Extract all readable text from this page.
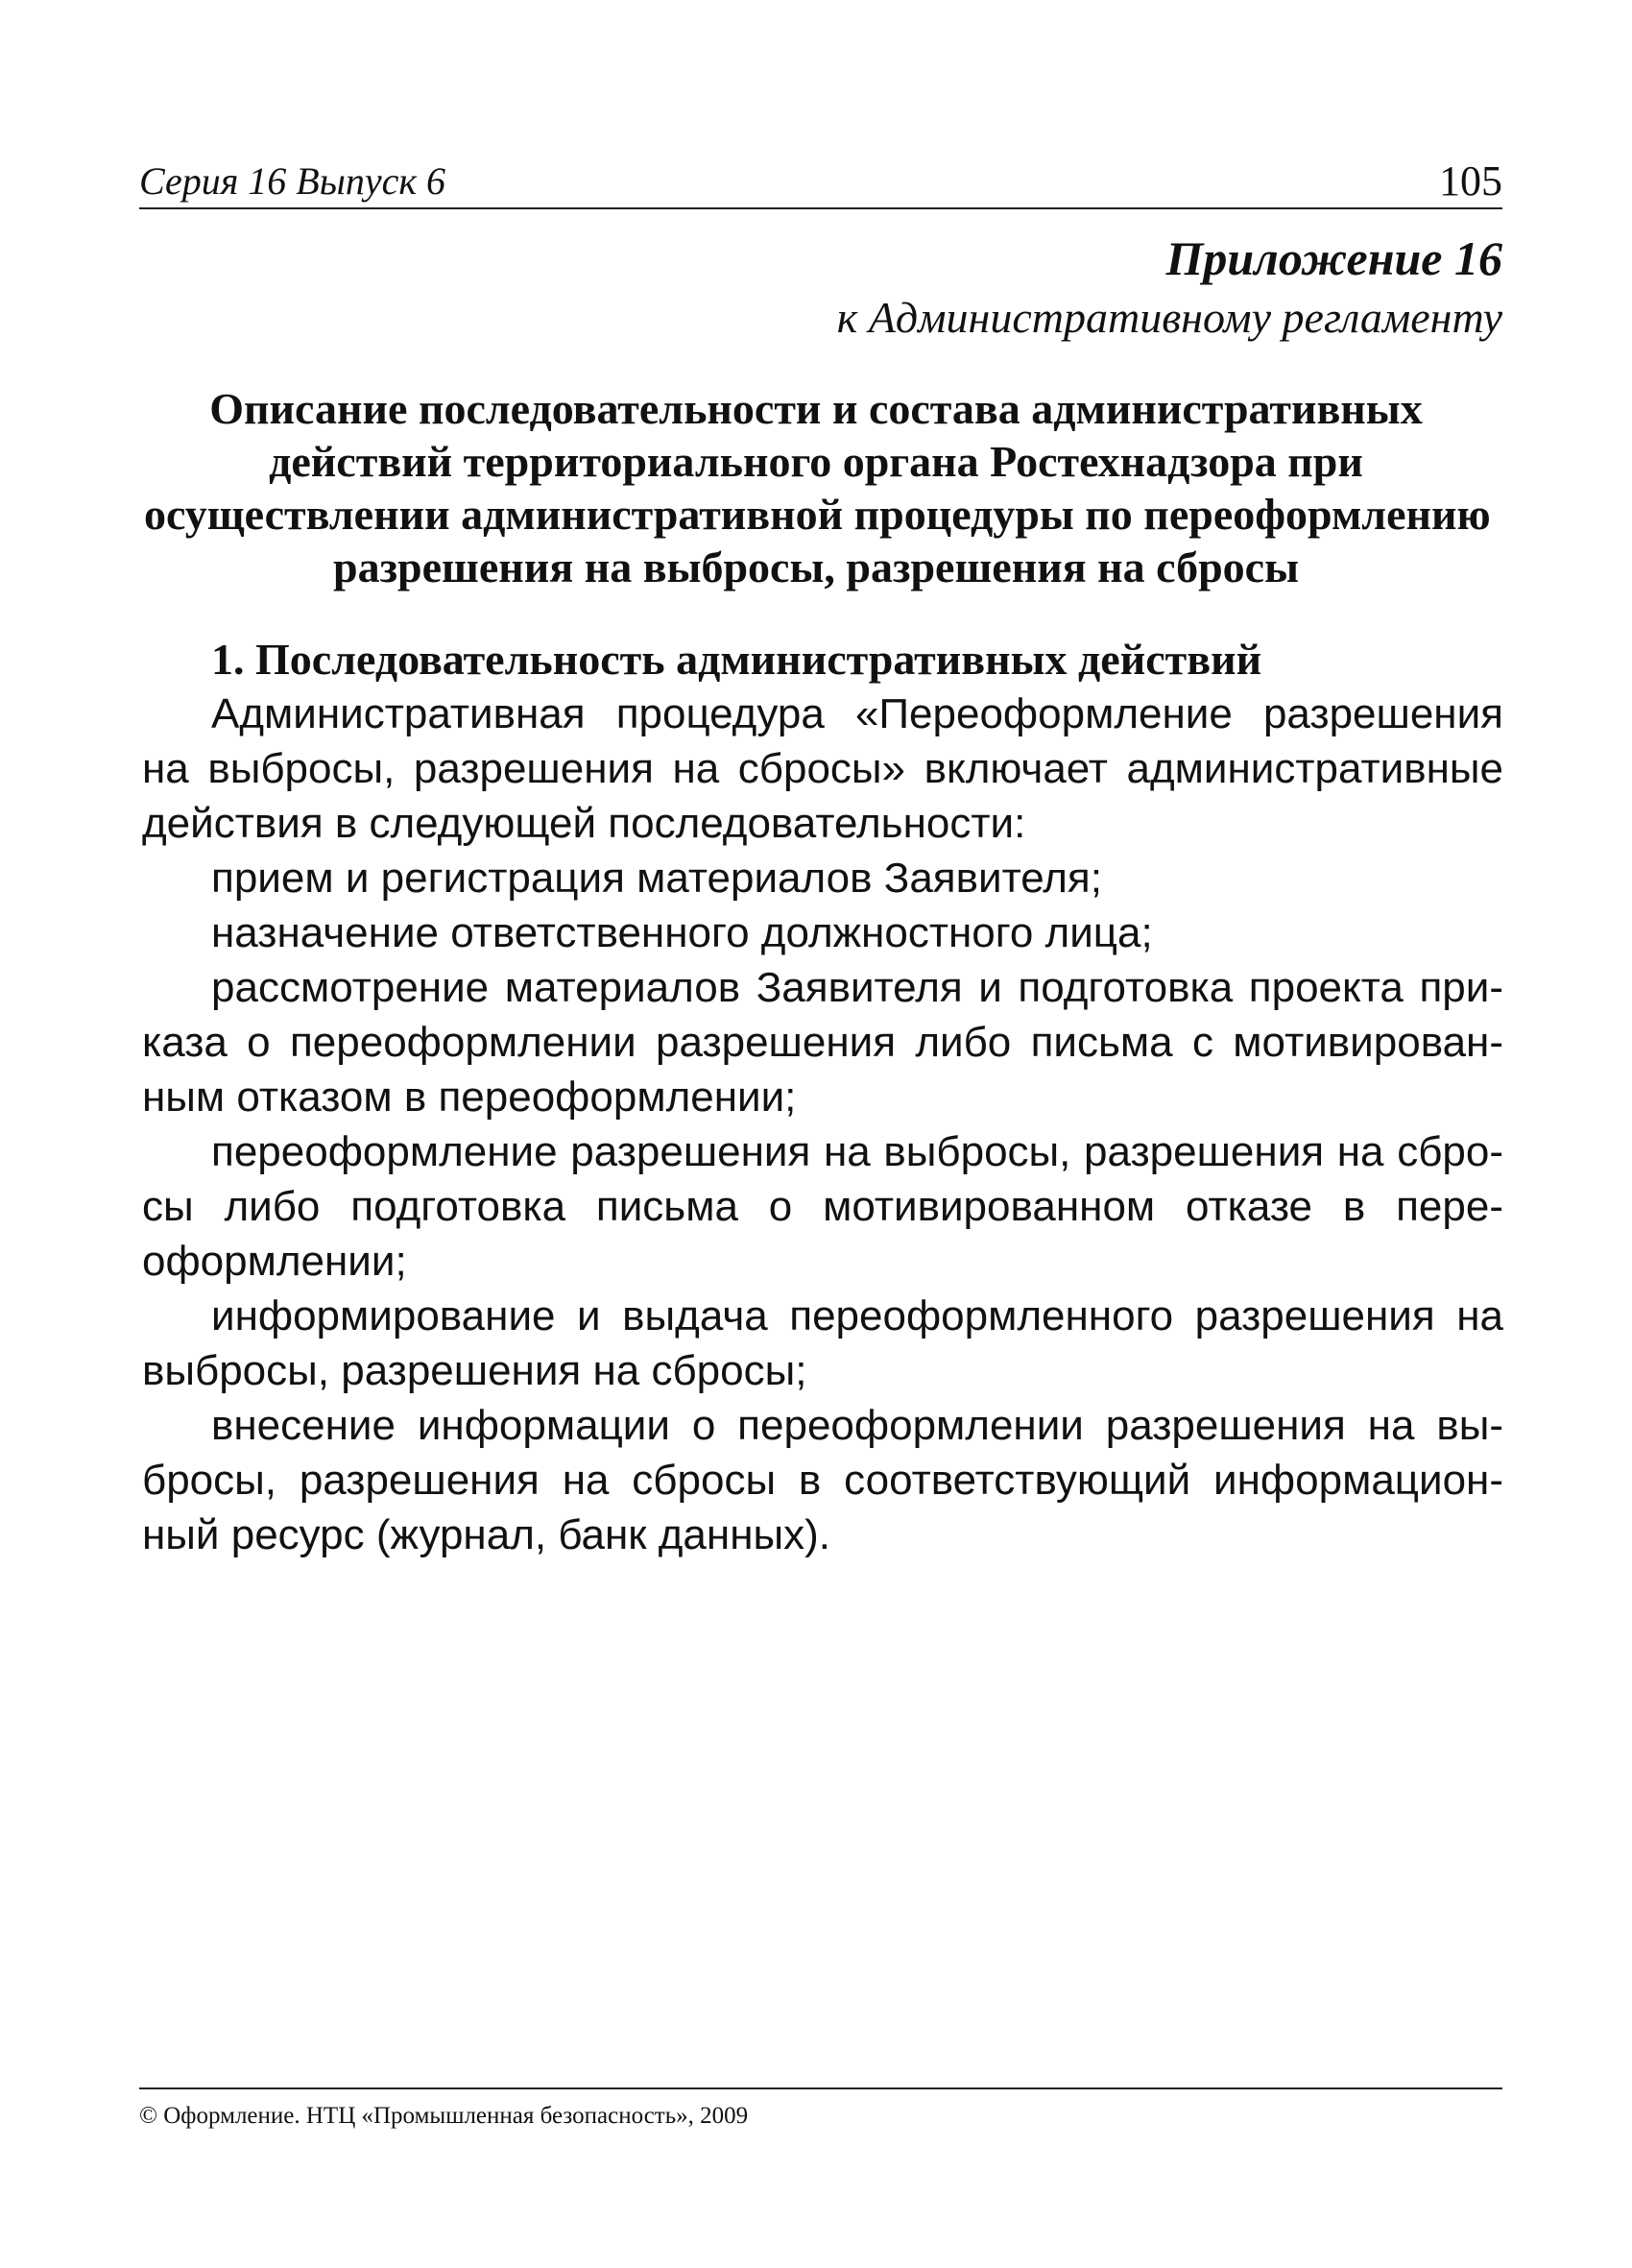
Серия 16 Выпуск 6	105
Приложение 16
к Административному регламенту
Описание последовательности и состава административных
действий территориального органа Ростехнадзора при
осуществлении административной процедуры по переоформлению
разрешения на выбросы, разрешения на сбросы
1. Последовательность административных действий
Административная процедура «Переоформление разрешения
на выбросы, разрешения на сбросы» включает административные
действия в следующей последовательности:
прием и регистрация материалов Заявителя;
назначение ответственного должностного лица;
рассмотрение материалов Заявителя и подготовка проекта при-
каза о переоформлении разрешения либо письма с мотивирован-
ным отказом в переоформлении;
переоформление разрешения на выбросы, разрешения на сбро-
сы либо подготовка письма о мотивированном отказе в пере-
оформлении;
информирование и выдача переоформленного разрешения на
выбросы, разрешения на сбросы;
внесение информации о переоформлении разрешения на вы-
бросы, разрешения на сбросы в соответствующий информацион-
ный ресурс (журнал, банк данных).
© Оформление. НТЦ «Промышленная безопасность», 2009
